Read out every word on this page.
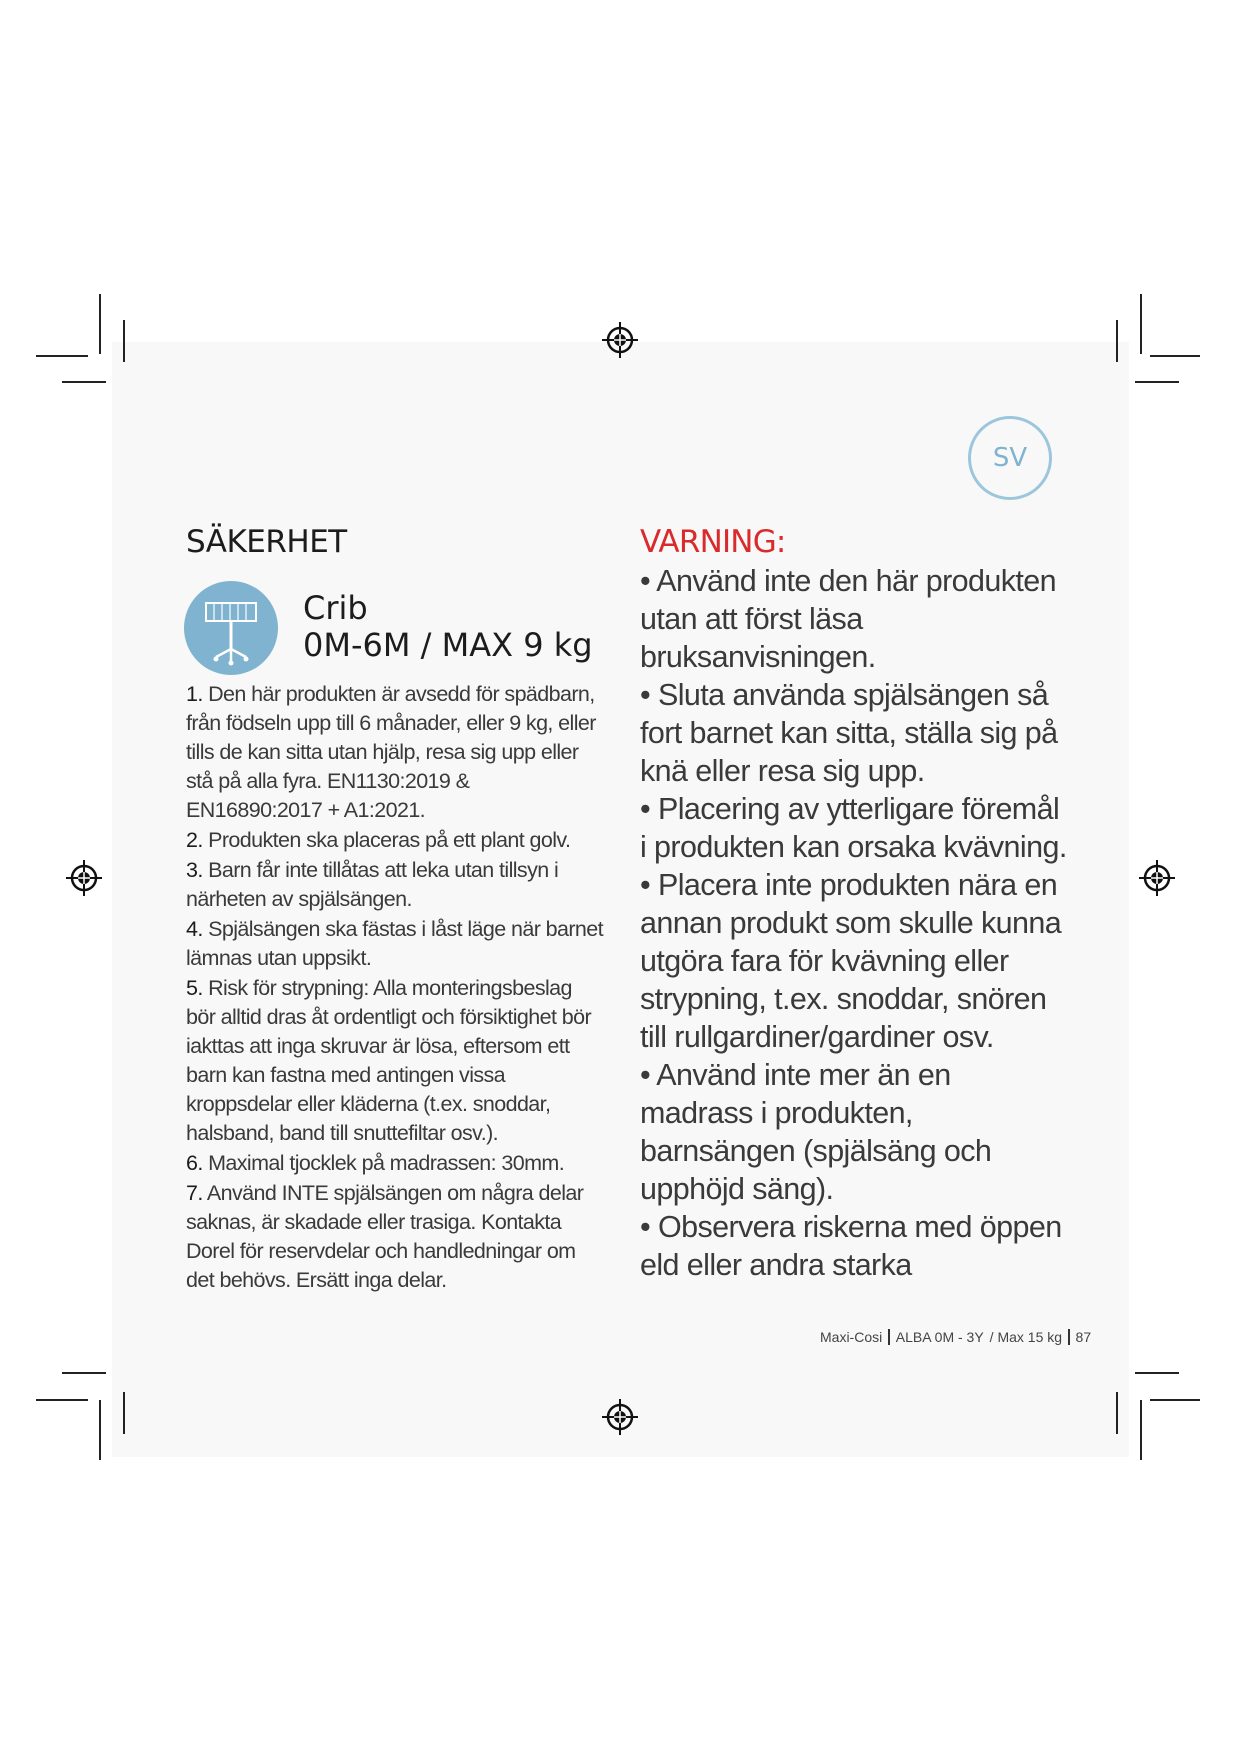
SV
SÄKERHET
Crib
0M-6M / MAX 9 kg

1. Den här produkten är avsedd för spädbarn, från födseln upp till 6 månader, eller 9 kg, eller tills de kan sitta utan hjälp, resa sig upp eller stå på alla fyra. EN1130:2019 & EN16890:2017 + A1:2021.

2. Produkten ska placeras på ett plant golv.

3. Barn får inte tillåtas att leka utan tillsyn i närheten av spjälsängen.

4. Spjälsängen ska fästas i låst läge när barnet lämnas utan uppsikt.

5. Risk för strypning: Alla monteringsbeslag bör alltid dras åt ordentligt och försiktighet bör iakttas att inga skruvar är lösa, eftersom ett barn kan fastna med antingen vissa kroppsdelar eller kläderna (t.ex. snoddar, halsband, band till snuttefiltar osv.).

6. Maximal tjocklek på madrassen: 30mm.

7. Använd INTE spjälsängen om några delar saknas, är skadade eller trasiga. Kontakta Dorel för reservdelar och handledningar om det behövs. Ersätt inga delar.

VARNING:

• Använd inte den här produkten utan att först läsa bruksanvisningen.

• Sluta använda spjälsängen så fort barnet kan sitta, ställa sig på knä eller resa sig upp.

• Placering av ytterligare föremål i produkten kan orsaka kvävning.

• Placera inte produkten nära en annan produkt som skulle kunna utgöra fara för kvävning eller strypning, t.ex. snoddar, snören till rullgardiner/gardiner osv.

• Använd inte mer än en madrass i produkten, barnsängen (spjälsäng och upphöjd säng).

• Observera riskerna med öppen eld eller andra starka

Maxi-Cosi ALBA 0M - 3Y / Max 15 kg 87
